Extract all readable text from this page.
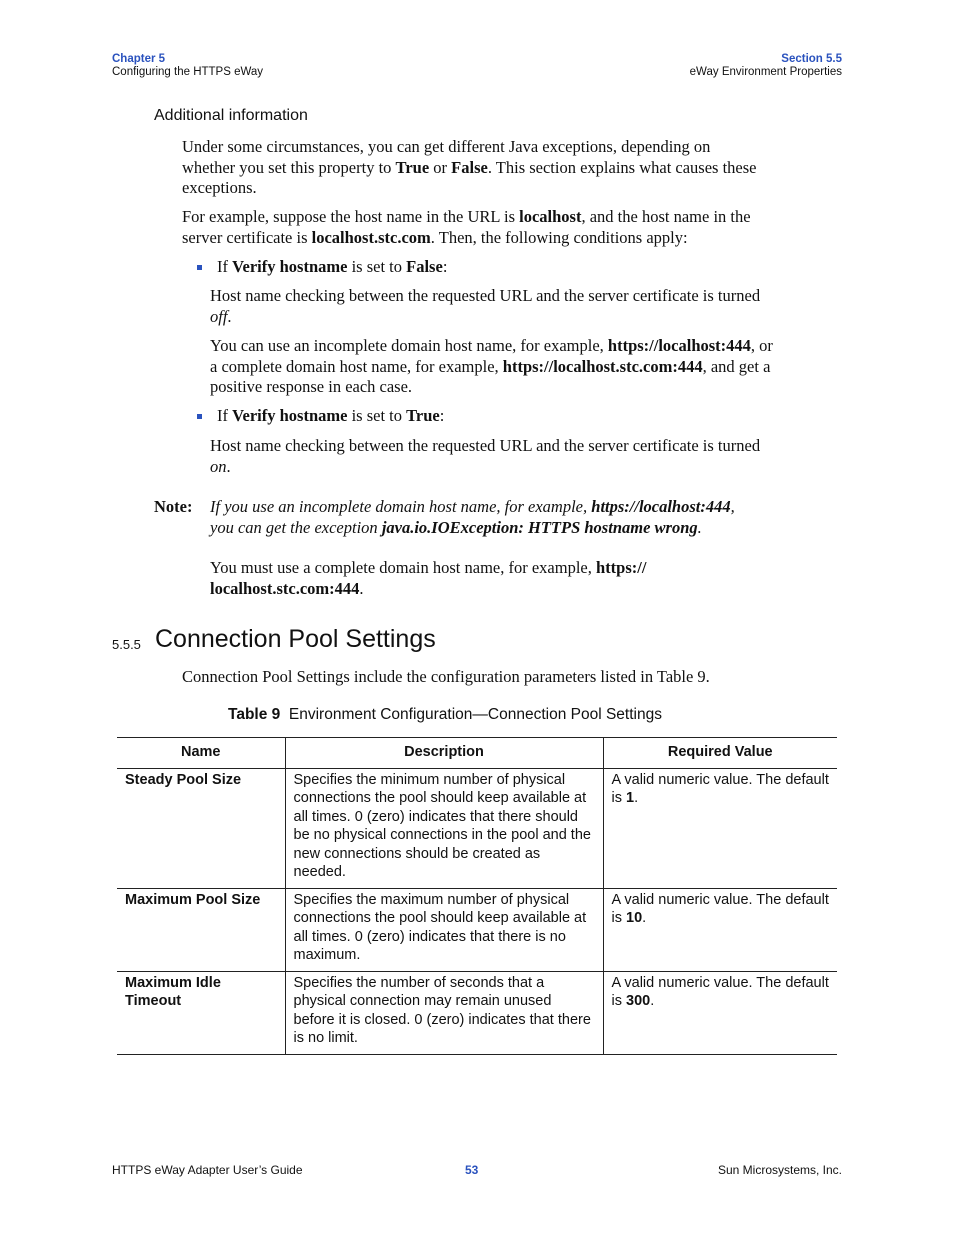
Chapter 5
Configuring the HTTPS eWay
Section 5.5
eWay Environment Properties
Additional information
Under some circumstances, you can get different Java exceptions, depending on
whether you set this property to True or False. This section explains what causes these
exceptions.
For example, suppose the host name in the URL is localhost, and the host name in the
server certificate is localhost.stc.com. Then, the following conditions apply:
If Verify hostname is set to False:
Host name checking between the requested URL and the server certificate is turned
off.
You can use an incomplete domain host name, for example, https://localhost:444, or
a complete domain host name, for example, https://localhost.stc.com:444, and get a
positive response in each case.
If Verify hostname is set to True:
Host name checking between the requested URL and the server certificate is turned
on.
Note: If you use an incomplete domain host name, for example, https://localhost:444,
you can get the exception java.io.IOException: HTTPS hostname wrong.
You must use a complete domain host name, for example, https://
localhost.stc.com:444.
5.5.5 Connection Pool Settings
Connection Pool Settings include the configuration parameters listed in Table 9.
Table 9 Environment Configuration—Connection Pool Settings
Name	Description	Required Value
Steady Pool Size	Specifies the minimum number of physical connections the pool should keep available at all times. 0 (zero) indicates that there should be no physical connections in the pool and the new connections should be created as needed.	A valid numeric value. The default is 1.
Maximum Pool Size	Specifies the maximum number of physical connections the pool should keep available at all times. 0 (zero) indicates that there is no maximum.	A valid numeric value. The default is 10.
Maximum Idle Timeout	Specifies the number of seconds that a physical connection may remain unused before it is closed. 0 (zero) indicates that there is no limit.	A valid numeric value. The default is 300.
HTTPS eWay Adapter User’s Guide	53	Sun Microsystems, Inc.
